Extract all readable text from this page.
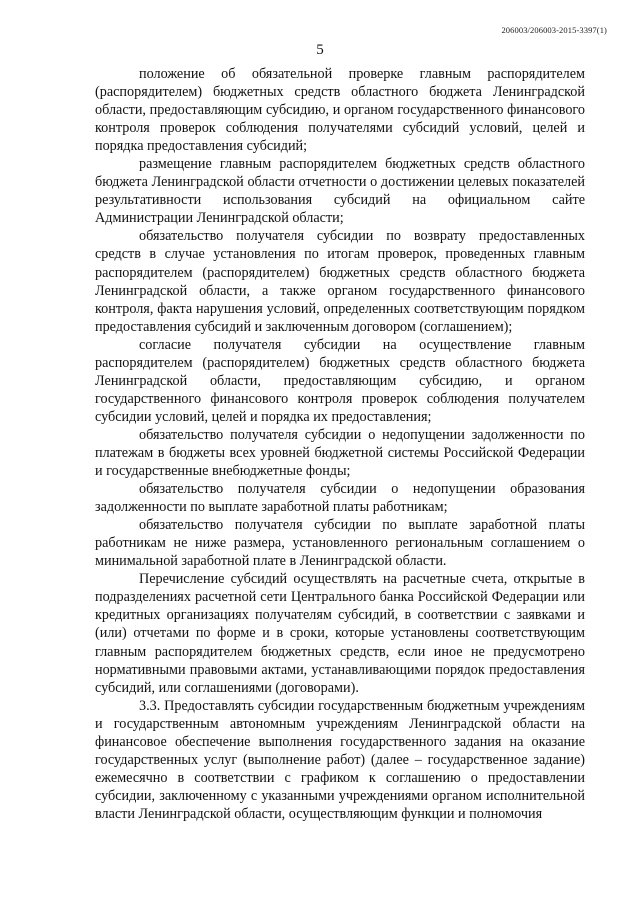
206003/206003-2015-3397(1)
5

положение об обязательной проверке главным распорядителем (распорядителем) бюджетных средств областного бюджета Ленинградской области, предоставляющим субсидию, и органом государственного финансового контроля проверок соблюдения получателями субсидий условий, целей и порядка предоставления субсидий;

размещение главным распорядителем бюджетных средств областного бюджета Ленинградской области отчетности о достижении целевых показателей результативности использования субсидий на официальном сайте Администрации Ленинградской области;

обязательство получателя субсидии по возврату предоставленных средств в случае установления по итогам проверок, проведенных главным распорядителем (распорядителем) бюджетных средств областного бюджета Ленинградской области, а также органом государственного финансового контроля, факта нарушения условий, определенных соответствующим порядком предоставления субсидий и заключенным договором (соглашением);

согласие получателя субсидии на осуществление главным распорядителем (распорядителем) бюджетных средств областного бюджета Ленинградской области, предоставляющим субсидию, и органом государственного финансового контроля проверок соблюдения получателем субсидии условий, целей и порядка их предоставления;

обязательство получателя субсидии о недопущении задолженности по платежам в бюджеты всех уровней бюджетной системы Российской Федерации и государственные внебюджетные фонды;

обязательство получателя субсидии о недопущении образования задолженности по выплате заработной платы работникам;

обязательство получателя субсидии по выплате заработной платы работникам не ниже размера, установленного региональным соглашением о минимальной заработной плате в Ленинградской области.

Перечисление субсидий осуществлять на расчетные счета, открытые в подразделениях расчетной сети Центрального банка Российской Федерации или кредитных организациях получателям субсидий, в соответствии с заявками и (или) отчетами по форме и в сроки, которые установлены соответствующим главным распорядителем бюджетных средств, если иное не предусмотрено нормативными правовыми актами, устанавливающими порядок предоставления субсидий, или соглашениями (договорами).

3.3. Предоставлять субсидии государственным бюджетным учреждениям и государственным автономным учреждениям Ленинградской области на финансовое обеспечение выполнения государственного задания на оказание государственных услуг (выполнение работ) (далее – государственное задание) ежемесячно в соответствии с графиком к соглашению о предоставлении субсидии, заключенному с указанными учреждениями органом исполнительной власти Ленинградской области, осуществляющим функции и полномочия
